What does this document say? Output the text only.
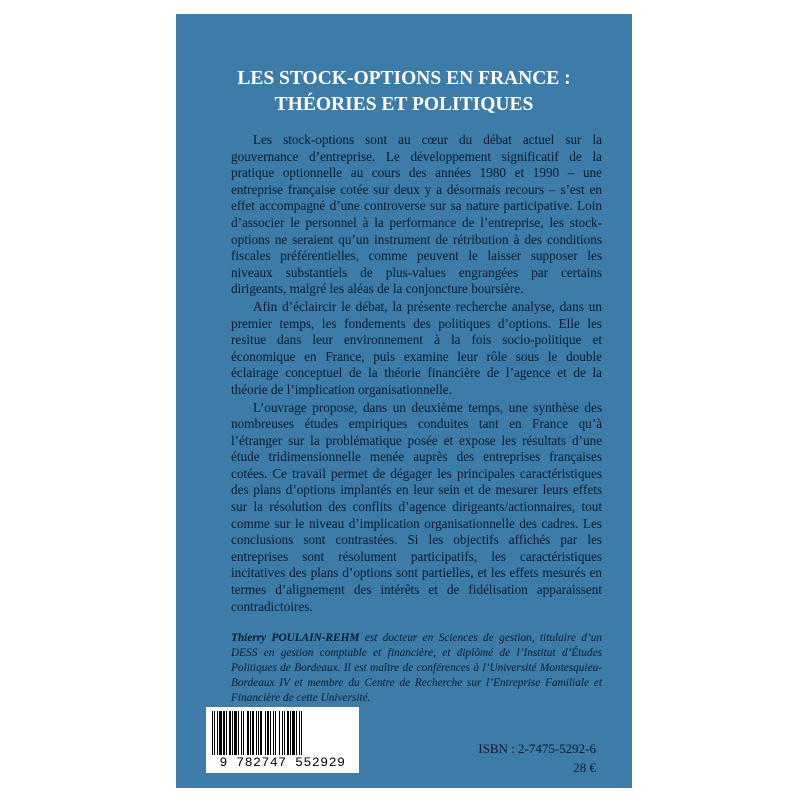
LES STOCK-OPTIONS EN FRANCE :
THÉORIES ET POLITIQUES

Les stock-options sont au cœur du débat actuel sur la gouvernance d’entreprise. Le développement significatif de la pratique optionnelle au cours des années 1980 et 1990 – une entreprise française cotée sur deux y a désormais recours – s’est en effet accompagné d’une controverse sur sa nature participative. Loin d’associer le personnel à la performance de l’entreprise, les stock-options ne seraient qu’un instrument de rétribution à des conditions fiscales préférentielles, comme peuvent le laisser supposer les niveaux substantiels de plus-values engrangées par certains dirigeants, malgré les aléas de la conjoncture boursière.

Afin d’éclaircir le débat, la présente recherche analyse, dans un premier temps, les fondements des politiques d’options. Elle les resitue dans leur environnement à la fois socio-politique et économique en France, puis examine leur rôle sous le double éclairage conceptuel de la théorie financière de l’agence et de la théorie de l’implication organisationnelle.

L’ouvrage propose, dans un deuxième temps, une synthèse des nombreuses études empiriques conduites tant en France qu’à l’étranger sur la problématique posée et expose les résultats d’une étude tridimensionnelle menée auprès des entreprises françaises cotées. Ce travail permet de dégager les principales caractéristiques des plans d’options implantés en leur sein et de mesurer leurs effets sur la résolution des conflits d’agence dirigeants/actionnaires, tout comme sur le niveau d’implication organisationnelle des cadres. Les conclusions sont contrastées. Si les objectifs affichés par les entreprises sont résolument participatifs, les caractéristiques incitatives des plans d’options sont partielles, et les effets mesurés en termes d’alignement des intérêts et de fidélisation apparaissent contradictoires.

Thierry POULAIN-REHM est docteur en Sciences de gestion, titulaire d’un DESS en gestion comptable et financière, et diplômé de l’Institut d’Études Politiques de Bordeaux. Il est maître de conférences à l’Université Montesquieu-Bordeaux IV et membre du Centre de Recherche sur l’Entreprise Familiale et Financière de cette Université.
9 782747 552929
ISBN : 2-7475-5292-6
28 €
